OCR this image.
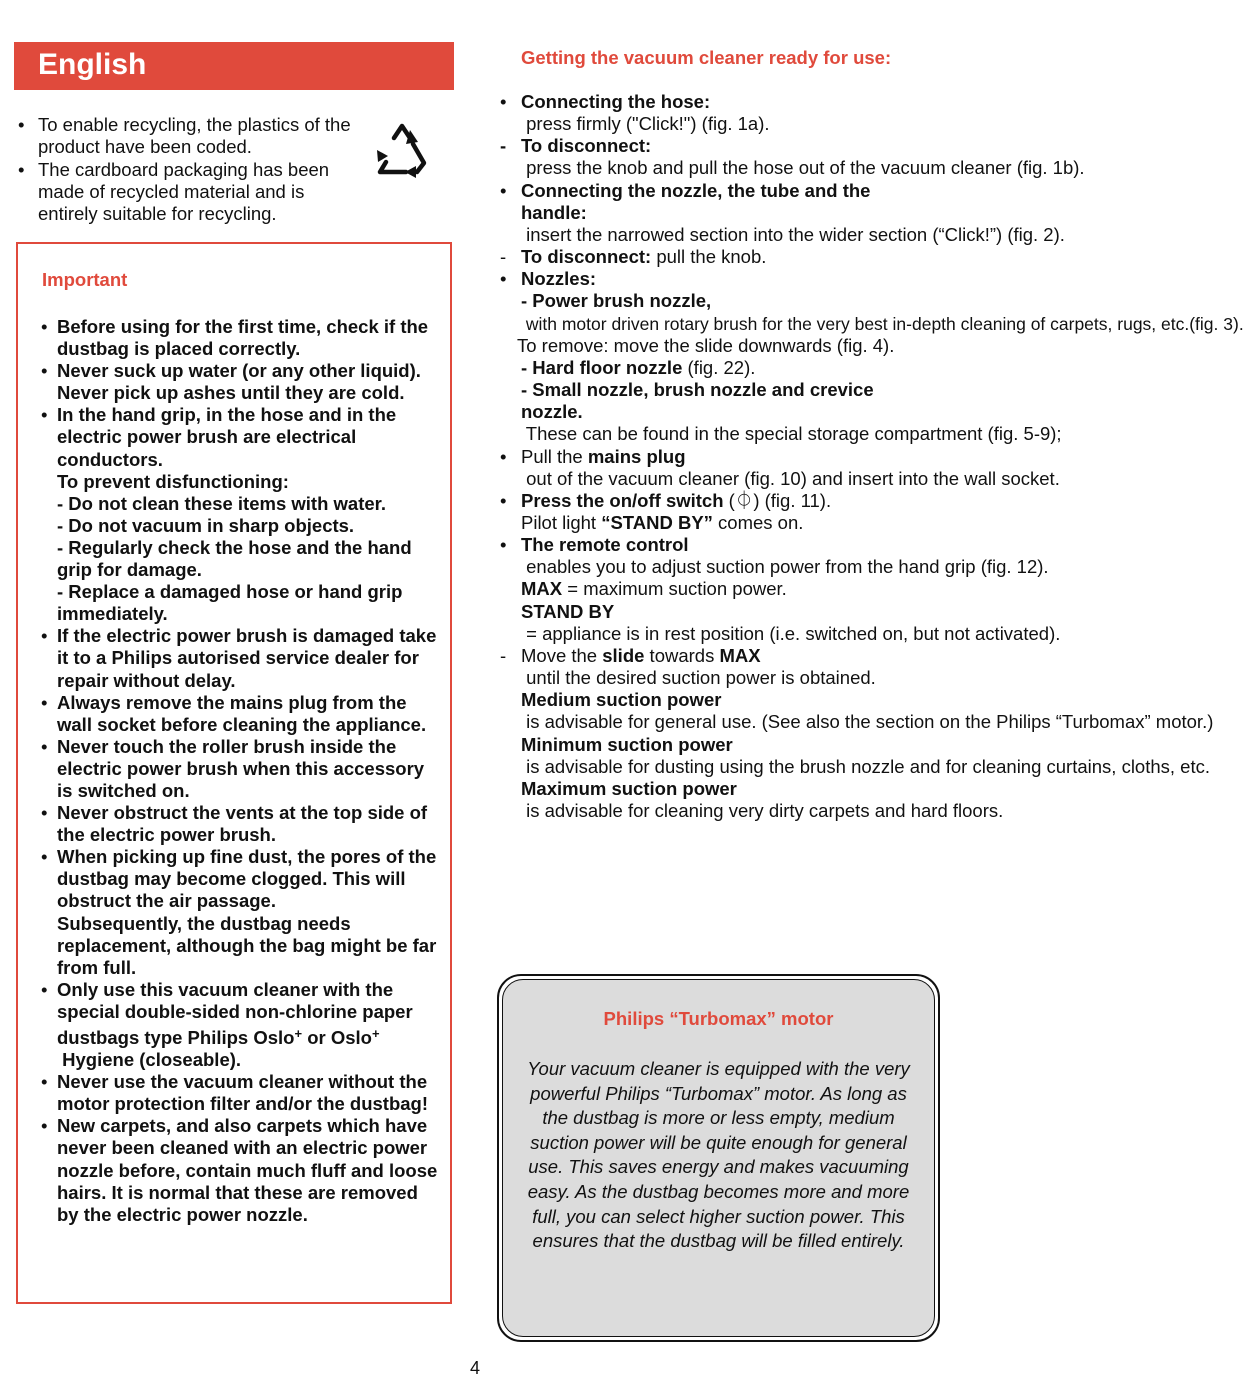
English
• To enable recycling, the plastics of the product have been coded.
• The cardboard packaging has been made of recycled material and is entirely suitable for recycling.
Important
• Before using for the first time, check if the dustbag is placed correctly.
• Never suck up water (or any other liquid). Never pick up ashes until they are cold.
• In the hand grip, in the hose and in the electric power brush are electrical conductors.
To prevent disfunctioning:
- Do not clean these items with water.
- Do not vacuum in sharp objects.
- Regularly check the hose and the hand grip for damage.
- Replace a damaged hose or hand grip immediately.
• If the electric power brush is damaged take it to a Philips autorised service dealer for repair without delay.
• Always remove the mains plug from the wall socket before cleaning the appliance.
• Never touch the roller brush inside the electric power brush when this accessory is switched on.
• Never obstruct the vents at the top side of the electric power brush.
• When picking up fine dust, the pores of the dustbag may become clogged. This will obstruct the air passage.
Subsequently, the dustbag needs replacement, although the bag might be far from full.
• Only use this vacuum cleaner with the special double-sided non-chlorine paper dustbags type Philips Oslo+ or Oslo+ Hygiene (closeable).
• Never use the vacuum cleaner without the motor protection filter and/or the dustbag!
• New carpets, and also carpets which have never been cleaned with an electric power nozzle before, contain much fluff and loose hairs. It is normal that these are removed by the electric power nozzle.
Getting the vacuum cleaner ready for use:
• Connecting the hose: press firmly ("Click!") (fig. 1a).
- To disconnect: press the knob and pull the hose out of the vacuum cleaner (fig. 1b).
• Connecting the nozzle, the tube and the handle: insert the narrowed section into the wider section (“Click!”) (fig. 2).
- To disconnect: pull the knob.
• Nozzles:
- Power brush nozzle, with motor driven rotary brush for the very best in-depth cleaning of carpets, rugs, etc.(fig. 3).
To remove: move the slide downwards (fig. 4).
- Hard floor nozzle (fig. 22).
- Small nozzle, brush nozzle and crevice nozzle. These can be found in the special storage compartment (fig. 5-9);
• Pull the mains plug out of the vacuum cleaner (fig. 10) and insert into the wall socket.
• Press the on/off switch (⏀) (fig. 11).
Pilot light “STAND BY” comes on.
• The remote control enables you to adjust suction power from the hand grip (fig. 12).
MAX = maximum suction power.
STAND BY = appliance is in rest position (i.e. switched on, but not activated).
- Move the slide towards MAX until the desired suction power is obtained.
Medium suction power is advisable for general use. (See also the section on the Philips “Turbomax” motor.)
Minimum suction power is advisable for dusting using the brush nozzle and for cleaning curtains, cloths, etc.
Maximum suction power is advisable for cleaning very dirty carpets and hard floors.
Philips “Turbomax” motor
Your vacuum cleaner is equipped with the very powerful Philips “Turbomax” motor. As long as the dustbag is more or less empty, medium suction power will be quite enough for general use. This saves energy and makes vacuuming easy. As the dustbag becomes more and more full, you can select higher suction power. This ensures that the dustbag will be filled entirely.
4
